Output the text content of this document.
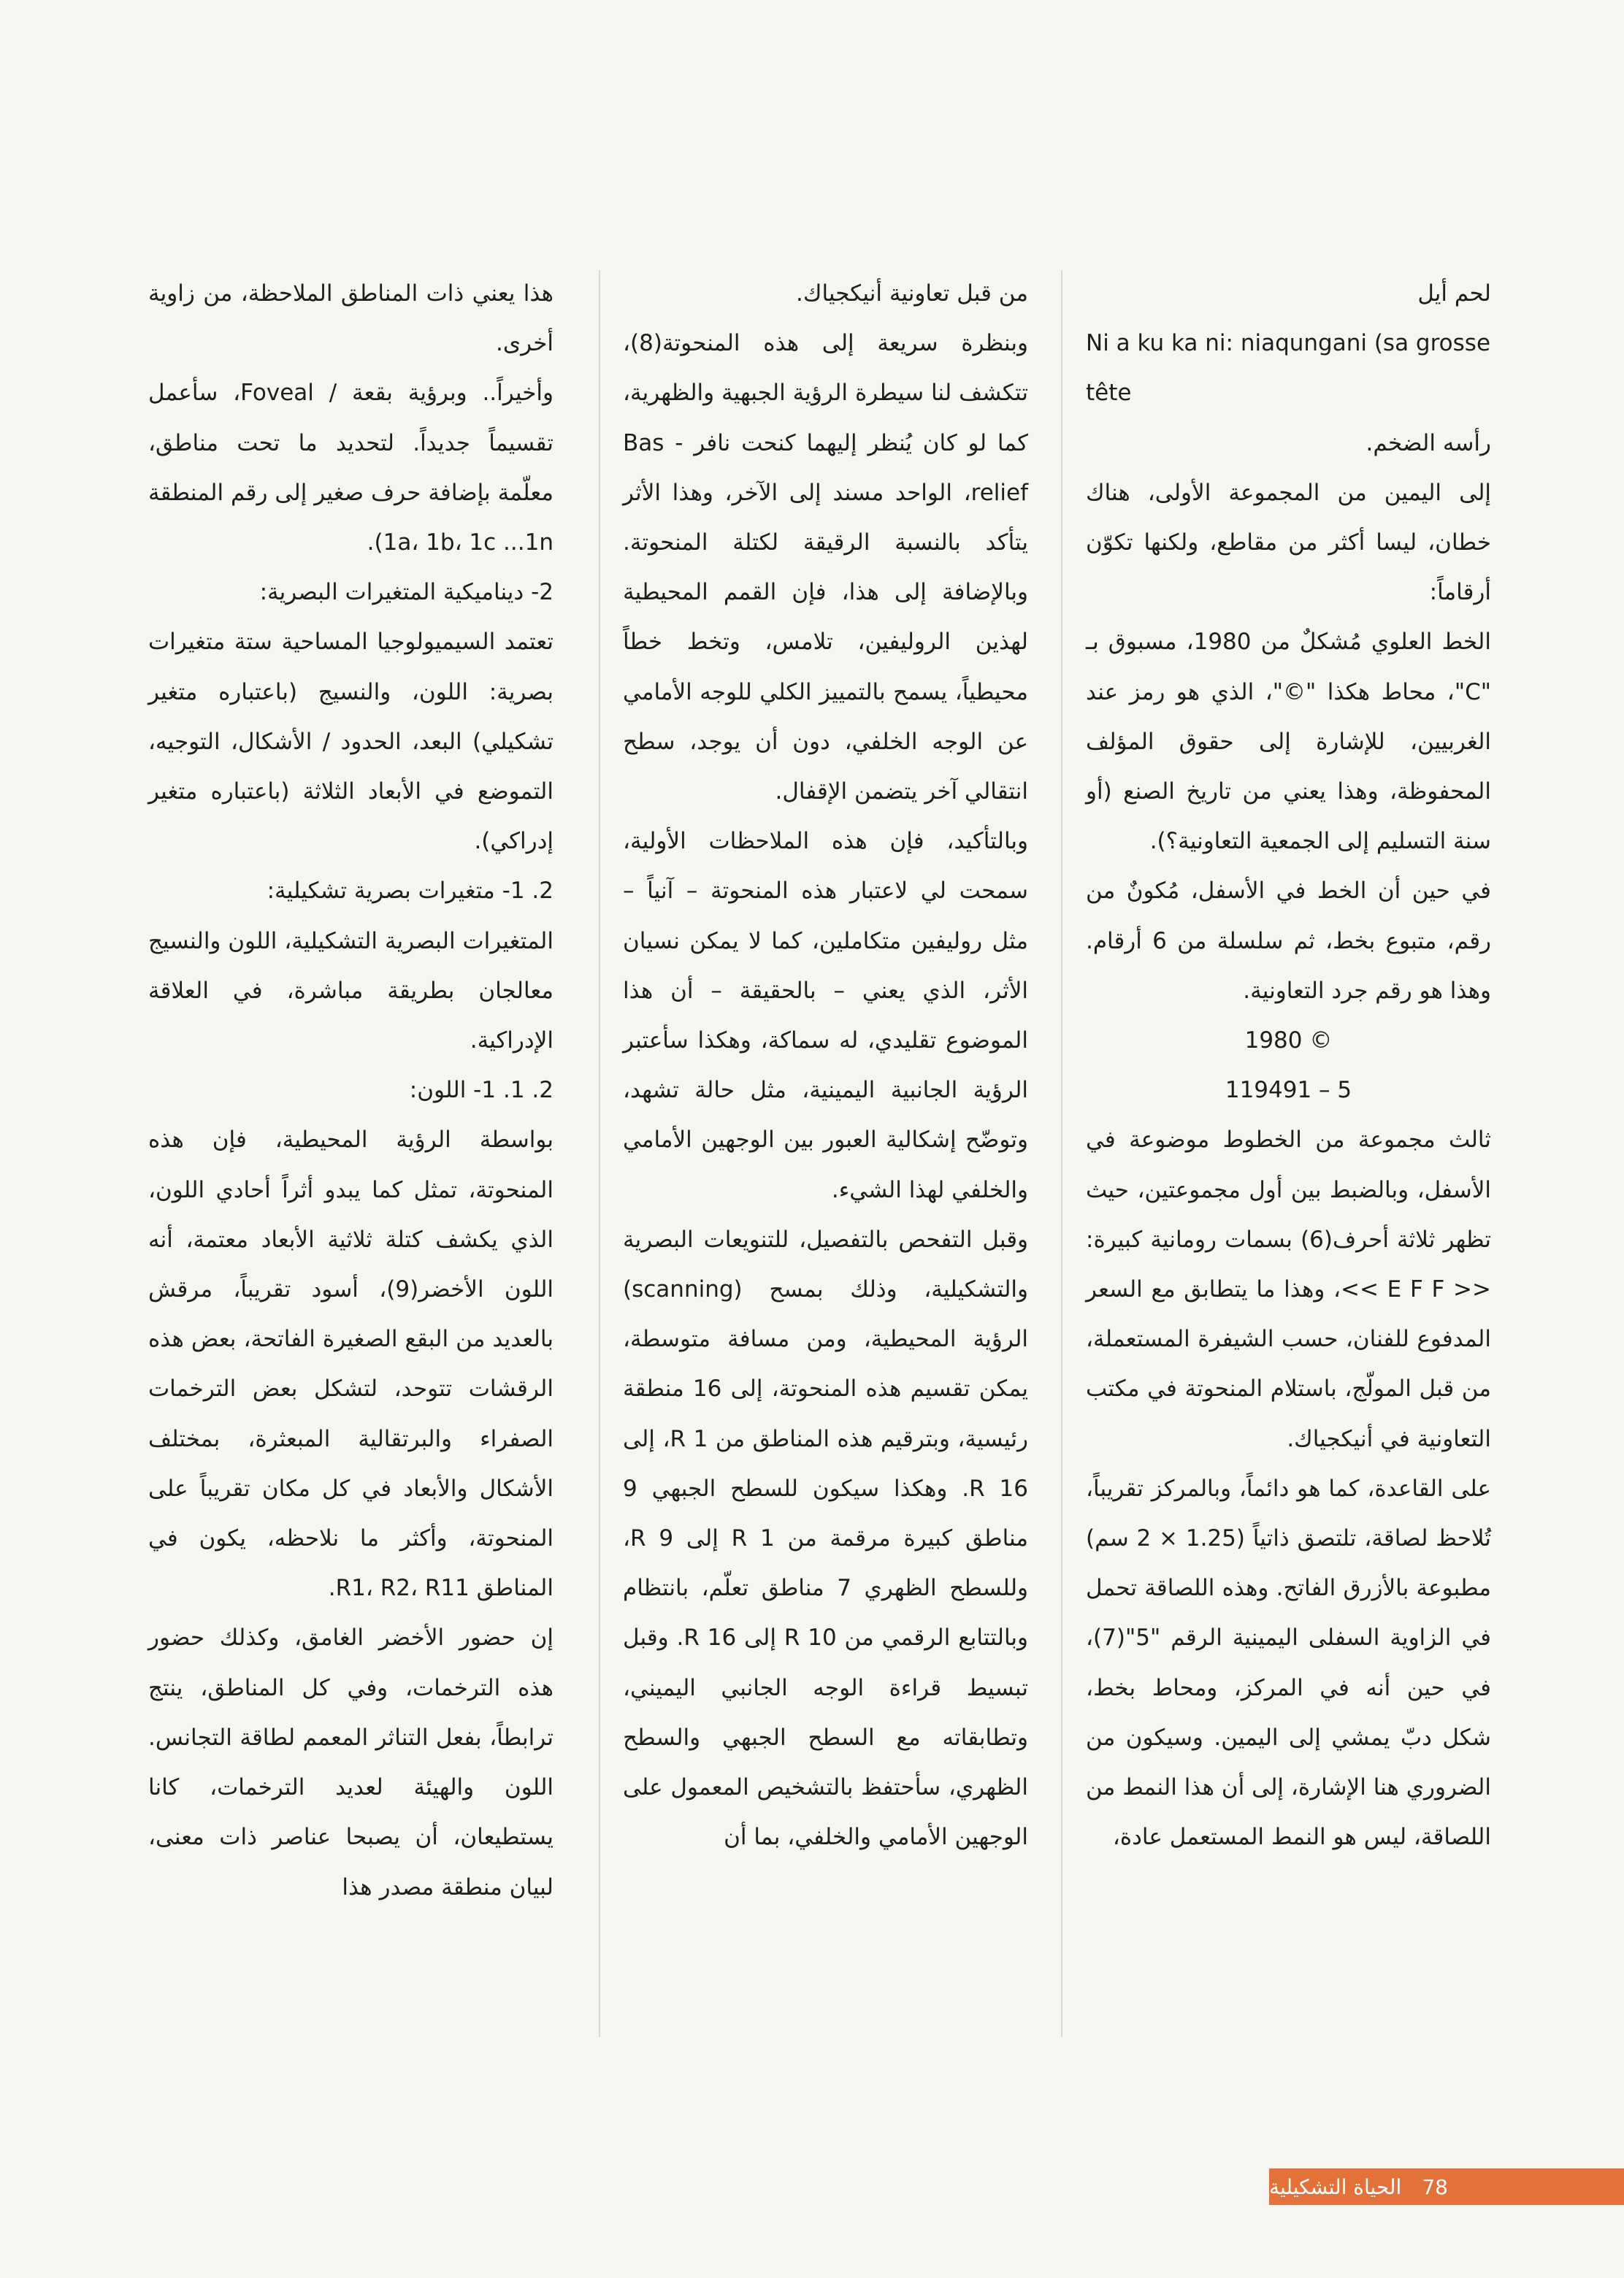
لحم أيل

Ni a ku ka ni: niaqungani (sa grosse tête

رأسه الضخم.

إلى اليمين من المجموعة الأولى، هناك خطان، ليسا أكثر من مقاطع، ولكنها تكوّن أرقاماً:

الخط العلوي مُشكلٌ من 1980، مسبوق بـ "C"، محاط هكذا "©"، الذي هو رمز عند الغربيين، للإشارة إلى حقوق المؤلف المحفوظة، وهذا يعني من تاريخ الصنع (أو سنة التسليم إلى الجمعية التعاونية؟).

في حين أن الخط في الأسفل، مُكونٌ من رقم، متبوع بخط، ثم سلسلة من 6 أرقام. وهذا هو رقم جرد التعاونية.

© 1980

5 – 119491

ثالث مجموعة من الخطوط موضوعة في الأسفل، وبالضبط بين أول مجموعتين، حيث تظهر ثلاثة أحرف(6) بسمات رومانية كبيرة: << E F F >>، وهذا ما يتطابق مع السعر المدفوع للفنان، حسب الشيفرة المستعملة، من قبل المولّج، باستلام المنحوتة في مكتب التعاونية في أنيكجياك.

على القاعدة، كما هو دائماً، وبالمركز تقريباً، تُلاحظ لصاقة، تلتصق ذاتياً (1.25 × 2 سم) مطبوعة بالأزرق الفاتح. وهذه اللصاقة تحمل في الزاوية السفلى اليمينية الرقم "5"(7)، في حين أنه في المركز، ومحاط بخط، شكل دبّ يمشي إلى اليمين. وسيكون من الضروري هنا الإشارة، إلى أن هذا النمط من اللصاقة، ليس هو النمط المستعمل عادة،

من قبل تعاونية أنيكجياك.

وبنظرة سريعة إلى هذه المنحوتة(8)، تتكشف لنا سيطرة الرؤية الجبهية والظهرية، كما لو كان يُنظر إليهما كنحت نافر Bas - relief، الواحد مسند إلى الآخر، وهذا الأثر يتأكد بالنسبة الرقيقة لكتلة المنحوتة. وبالإضافة إلى هذا، فإن القمم المحيطية لهذين الروليفين، تلامس، وتخط خطاً محيطياً، يسمح بالتمييز الكلي للوجه الأمامي عن الوجه الخلفي، دون أن يوجد، سطح انتقالي آخر يتضمن الإقفال.

وبالتأكيد، فإن هذه الملاحظات الأولية، سمحت لي لاعتبار هذه المنحوتة – آنياً – مثل روليفين متكاملين، كما لا يمكن نسيان الأثر، الذي يعني – بالحقيقة – أن هذا الموضوع تقليدي، له سماكة، وهكذا سأعتبر الرؤية الجانبية اليمينية، مثل حالة تشهد، وتوضّح إشكالية العبور بين الوجهين الأمامي والخلفي لهذا الشيء.

وقبل التفحص بالتفصيل، للتنويعات البصرية والتشكيلية، وذلك بمسح (scanning) الرؤية المحيطية، ومن مسافة متوسطة، يمكن تقسيم هذه المنحوتة، إلى 16 منطقة رئيسية، وبترقيم هذه المناطق من R 1، إلى R 16. وهكذا سيكون للسطح الجبهي 9 مناطق كبيرة مرقمة من R 1 إلى R 9، وللسطح الظهري 7 مناطق تعلّم، بانتظام وبالتتابع الرقمي من R 10 إلى R 16. وقبل تبسيط قراءة الوجه الجانبي اليميني، وتطابقاته مع السطح الجبهي والسطح الظهري، سأحتفظ بالتشخيص المعمول على الوجهين الأمامي والخلفي، بما أن

هذا يعني ذات المناطق الملاحظة، من زاوية أخرى.

وأخيراً.. وبرؤية بقعة / Foveal، سأعمل تقسيماً جديداً. لتحديد ما تحت مناطق، معلّمة بإضافة حرف صغير إلى رقم المنطقة 1a، 1b، 1c ...1n).

2- ديناميكية المتغيرات البصرية:

تعتمد السيميولوجيا المساحية ستة متغيرات بصرية: اللون، والنسيج (باعتباره متغير تشكيلي) البعد، الحدود / الأشكال، التوجيه، التموضع في الأبعاد الثلاثة (باعتباره متغير إدراكي).

2. 1- متغيرات بصرية تشكيلية:

المتغيرات البصرية التشكيلية، اللون والنسيج معالجان بطريقة مباشرة، في العلاقة الإدراكية.

2. 1. 1- اللون:

بواسطة الرؤية المحيطية، فإن هذه المنحوتة، تمثل كما يبدو أثراً أحادي اللون، الذي يكشف كتلة ثلاثية الأبعاد معتمة، أنه اللون الأخضر(9)، أسود تقريباً، مرقش بالعديد من البقع الصغيرة الفاتحة، بعض هذه الرقشات تتوحد، لتشكل بعض الترخمات الصفراء والبرتقالية المبعثرة، بمختلف الأشكال والأبعاد في كل مكان تقريباً على المنحوتة، وأكثر ما نلاحظه، يكون في المناطق R1، R2، R11.

إن حضور الأخضر الغامق، وكذلك حضور هذه الترخمات، وفي كل المناطق، ينتج ترابطاً، بفعل التناثر المعمم لطاقة التجانس. اللون والهيئة لعديد الترخمات، كانا يستطيعان، أن يصبحا عناصر ذات معنى، لبيان منطقة مصدر هذا

78
الحياة التشكيلية
